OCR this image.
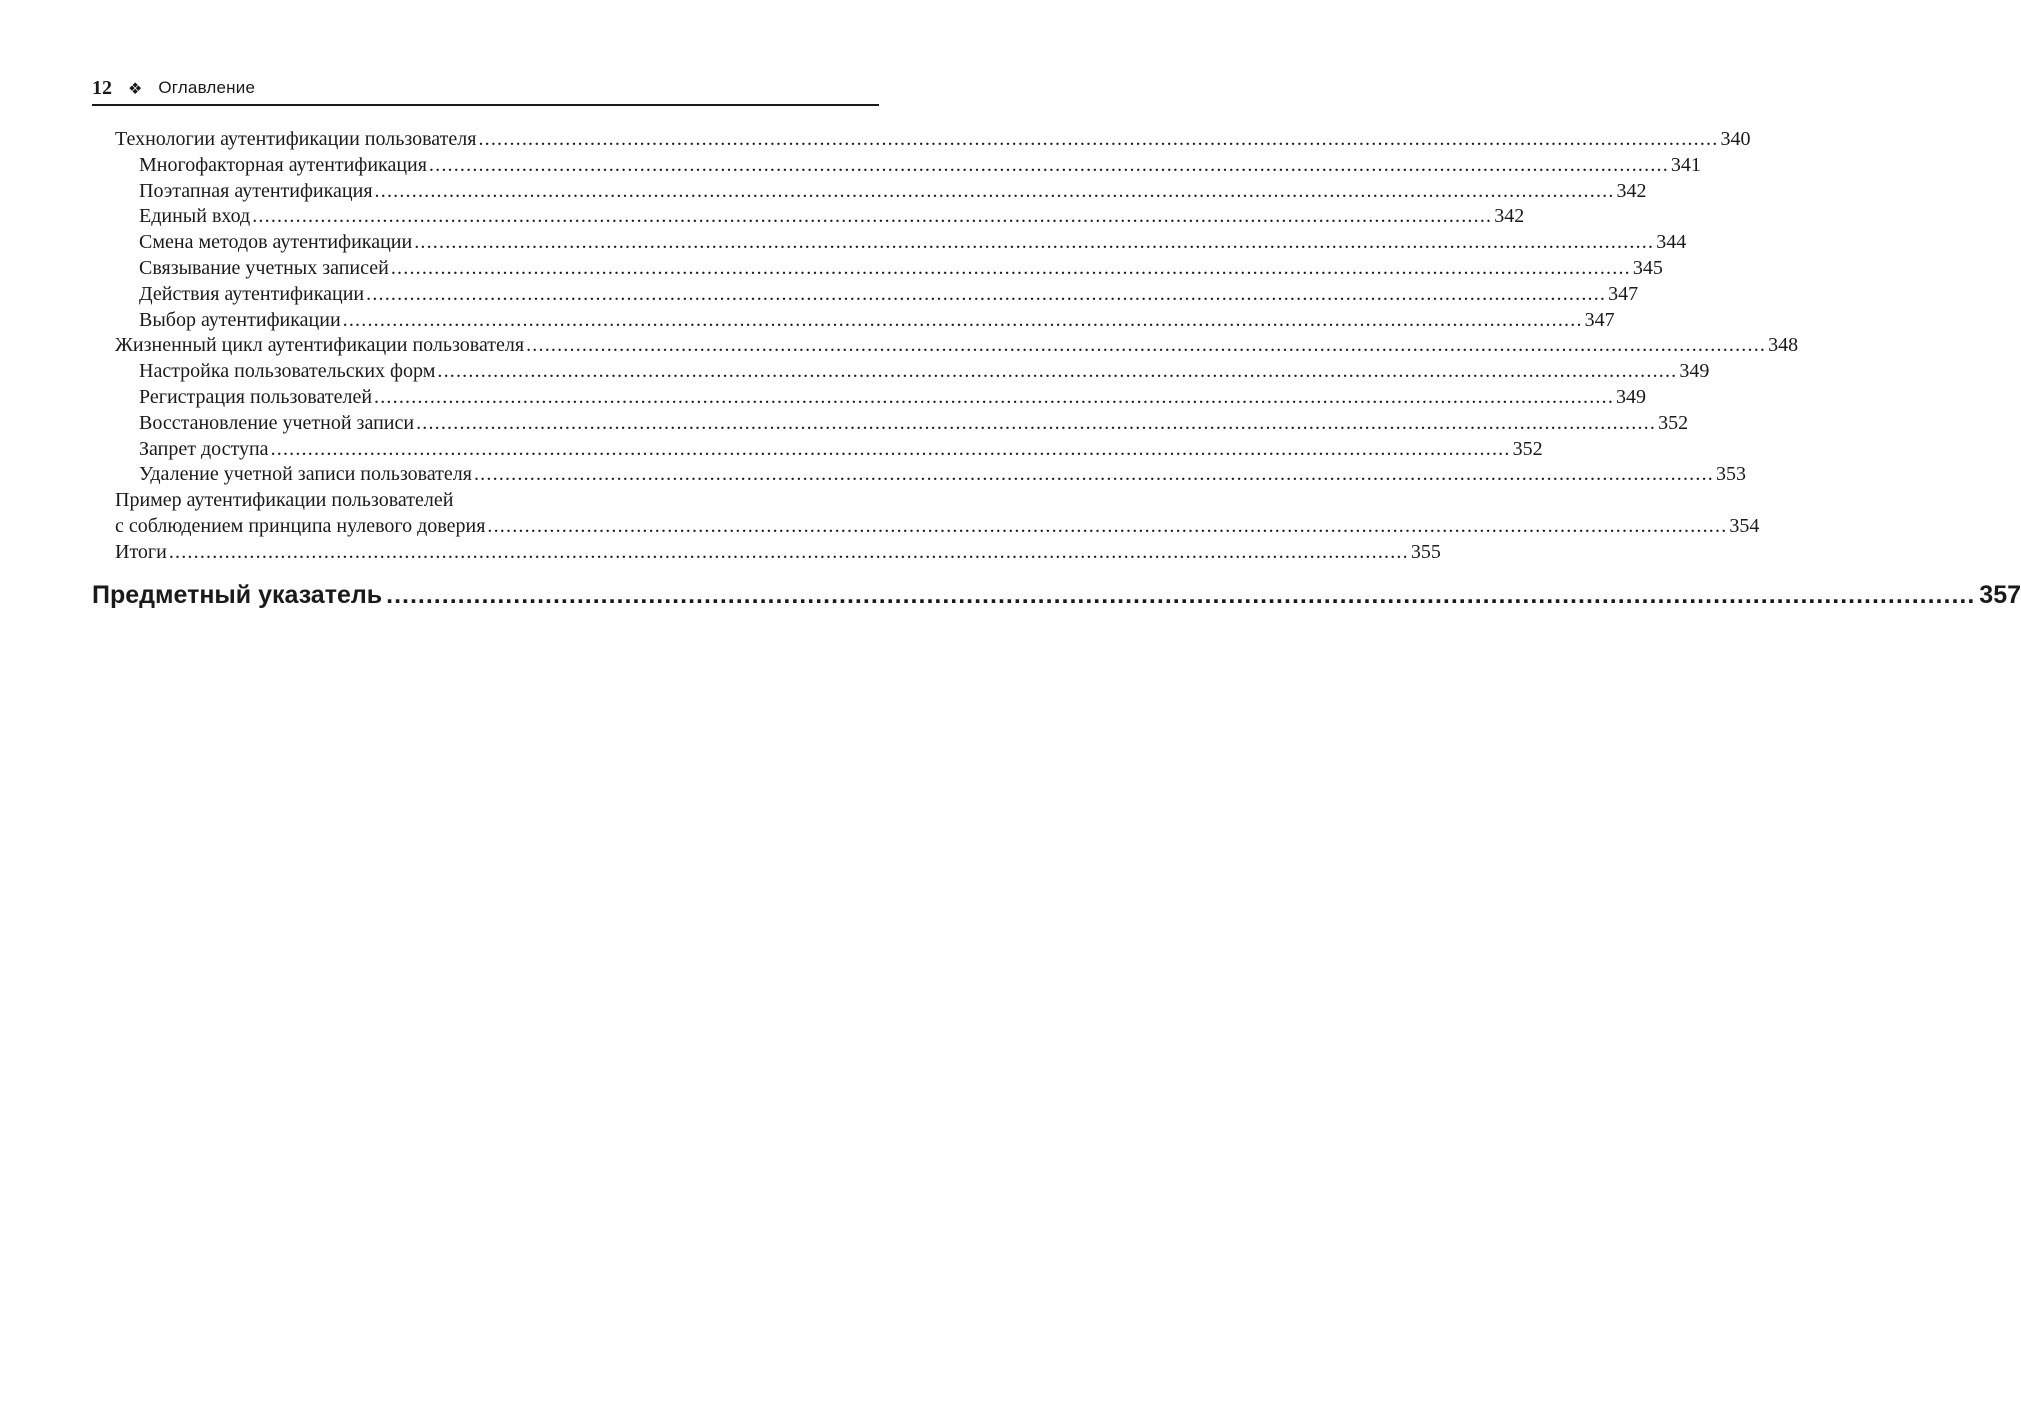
12 ❖ Оглавление
Технологии аутентификации пользователя ........................................................................................................................................................................................................ 340
Многофакторная аутентификация ........................................................................................................................................................................................................ 341
Поэтапная аутентификация ........................................................................................................................................................................................................ 342
Единый вход ........................................................................................................................................................................................................ 342
Смена методов аутентификации ........................................................................................................................................................................................................ 344
Связывание учетных записей ........................................................................................................................................................................................................ 345
Действия аутентификации ........................................................................................................................................................................................................ 347
Выбор аутентификации ........................................................................................................................................................................................................ 347
Жизненный цикл аутентификации пользователя ........................................................................................................................................................................................................ 348
Настройка пользовательских форм ........................................................................................................................................................................................................ 349
Регистрация пользователей ........................................................................................................................................................................................................ 349
Восстановление учетной записи ........................................................................................................................................................................................................ 352
Запрет доступа ........................................................................................................................................................................................................ 352
Удаление учетной записи пользователя ........................................................................................................................................................................................................ 353
Пример аутентификации пользователей
с соблюдением принципа нулевого доверия ........................................................................................................................................................................................................ 354
Итоги ........................................................................................................................................................................................................ 355
Предметный указатель ........................................................................................................................................................................................................ 357
